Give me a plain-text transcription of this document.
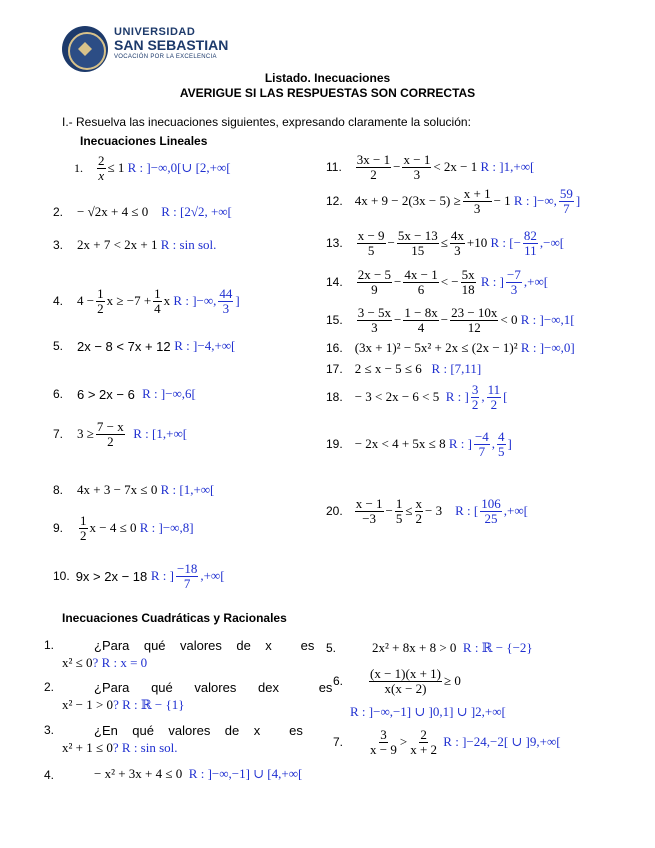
UNIVERSIDAD
SAN SEBASTIAN
VOCACIÓN POR LA EXCELENCIA
Listado. Inecuaciones
AVERIGUE SI LAS RESPUESTAS SON CORRECTAS
I.- Resuelva las inecuaciones siguientes, expresando claramente la solución:
Inecuaciones Lineales
1. $\frac{2}{x} \le 1$
R : ]−∞,0[∪ [2,+∞[
2. − √2x + 4 ≤ 0
R : [2√2, +∞[
3. 2x + 7 < 2x + 1
R : sin sol.
4. $4 - \frac{1}{2}$ $x \ge -7 + \frac{1}{4}$ x
R : ]−∞, $\frac{44}{3}$ ]
5. 2x − 8 < 7x + 12
R : ]−4,+∞[
6. 6 > 2x − 6
R : ]−∞,6[
7. $3 \ge \frac{7 - x}{2}$
R : [1,+∞[
8. 4x + 3 − 7x ≤ 0
R : [1,+∞[
9. $\frac{1}{2}$ x − 4 ≤ 0
R : ]−∞,8]
10. 9x > 2x − 18
R : ] $\frac{-18}{7}$ ,+∞[
11. $\frac{3x - 1}{2} - \frac{x - 1}{3} < 2x - 1$
R : ]1,+∞[
12. $4x + 9 - 2(3x - 5) \ge \frac{x + 1}{3} - 1$
R : ]−∞, $\frac{59}{7}$ ]
13. $\frac{x - 9}{5} - \frac{5x - 13}{15} \le \frac{4x}{3} +10$
R : [− $\frac{82}{11}$ ,−∞[
14. $\frac{2x - 5}{9} - \frac{4x - 1}{6}$ < − $\frac{5x}{18}$
R : ] $\frac{-7}{3}$ ,+∞[
15. $\frac{3 - 5x}{3} - \frac{1 - 8x}{4} - \frac{23 - 10x}{12} < 0$
R : ]−∞,1[
16. (3x + 1)² − 5x² + 2x ≤ (2x − 1)²
R : ]−∞,0]
17. 2 ≤ x − 5 ≤ 6
R : [7,11]
18. − 3 < 2x − 6 < 5
R : ] $\frac{3}{2}$ , $\frac{11}{2}$ [
19. − 2x < 4 + 5x ≤ 8
R : ] $\frac{-4}{7}$ , $\frac{4}{5}$ ]
20. $\frac{x - 1}{-3} - \frac{1}{5} \le \frac{x}{2} - 3$
R : [ $\frac{106}{25}$ ,+∞[
Inecuaciones Cuadráticas y Racionales
1.	¿Para    qué    valores    de    x        es
x² ≤ 0 ? R : x = 0
2.	¿Para      qué      valores      dex           es
x² − 1 > 0 ? R : ℝ − {1}
3.	¿En    qué    valores    de    x        es
x² + 1 ≤ 0 ? R : sin sol.
4.	− x² + 3x + 4 ≤ 0
R : ]−∞,−1] ∪ [4,+∞[
5.	2x² + 8x + 8 > 0
R : ℝ − {−2}
6. $\frac{(x - 1)(x + 1)}{x(x - 2)} \ge 0$
R : ]−∞,−1] ∪ ]0,1] ∪ ]2,+∞[
7. $\frac{3}{x - 9} > \frac{2}{x + 2}$
R : ]−24,−2[ ∪ ]9,+∞[
